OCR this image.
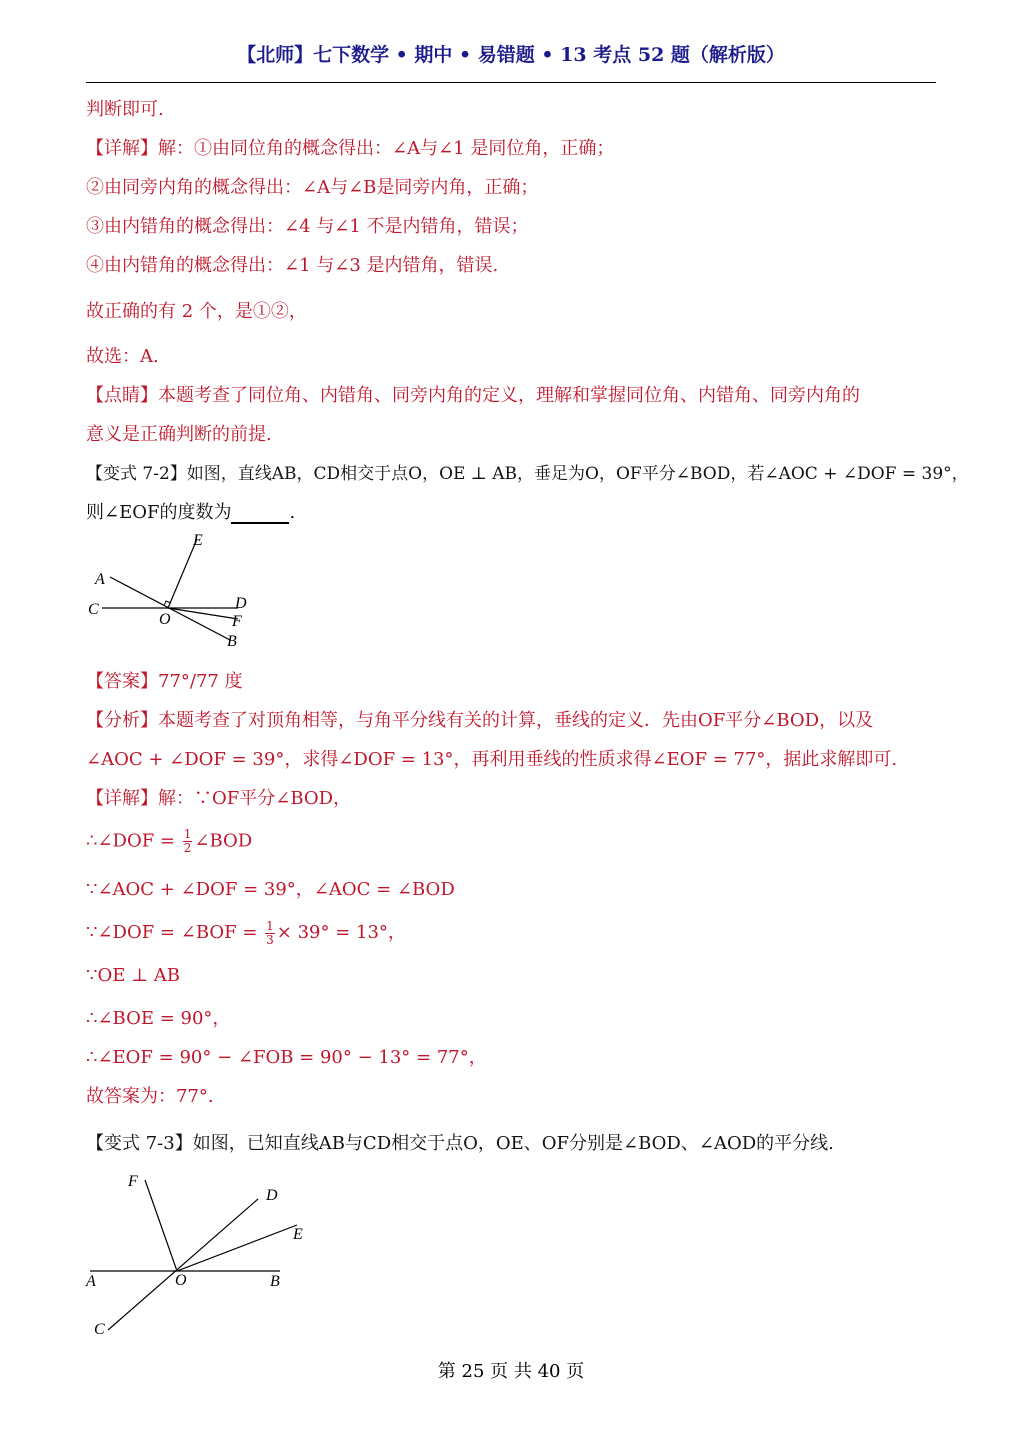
【北师】七下数学 • 期中 • 易错题 • 13 考点 52 题（解析版）
判断即可.
【详解】解：①由同位角的概念得出：∠A与∠1 是同位角，正确；
②由同旁内角的概念得出：∠A与∠B是同旁内角，正确；
③由内错角的概念得出：∠4 与∠1 不是内错角，错误；
④由内错角的概念得出：∠1 与∠3 是内错角，错误.
故正确的有 2 个，是①②，
故选：A.
【点睛】本题考查了同位角、内错角、同旁内角的定义，理解和掌握同位角、内错角、同旁内角的
意义是正确判断的前提.
【变式 7-2】如图，直线AB，CD相交于点O，OE ⊥ AB，垂足为O，OF平分∠BOD，若∠AOC + ∠DOF = 39°，
则∠EOF的度数为	.
E
A
C	D
O	F
B
【答案】77°/77 度
【分析】本题考查了对顶角相等，与角平分线有关的计算，垂线的定义．先由OF平分∠BOD，以及
∠AOC + ∠DOF = 39°，求得∠DOF = 13°，再利用垂线的性质求得∠EOF = 77°，据此求解即可.
【详解】解：∵OF平分∠BOD，
∴∠DOF = $\frac{1}{2}$ ∠BOD
∵∠AOC + ∠DOF = 39°，∠AOC = ∠BOD
∵∠DOF = ∠BOF = $\frac{1}{3} \times 39^\circ = 13^\circ$，
∵OE ⊥ AB
∴∠BOE = 90°，
∴∠EOF = 90° − ∠FOB = 90° − 13° = 77°，
故答案为：77°.
【变式 7-3】如图，已知直线AB与CD相交于点O，OE、OF分别是∠BOD、∠AOD的平分线.
F
D
E
A	O	B
C
第 25 页 共 40 页
